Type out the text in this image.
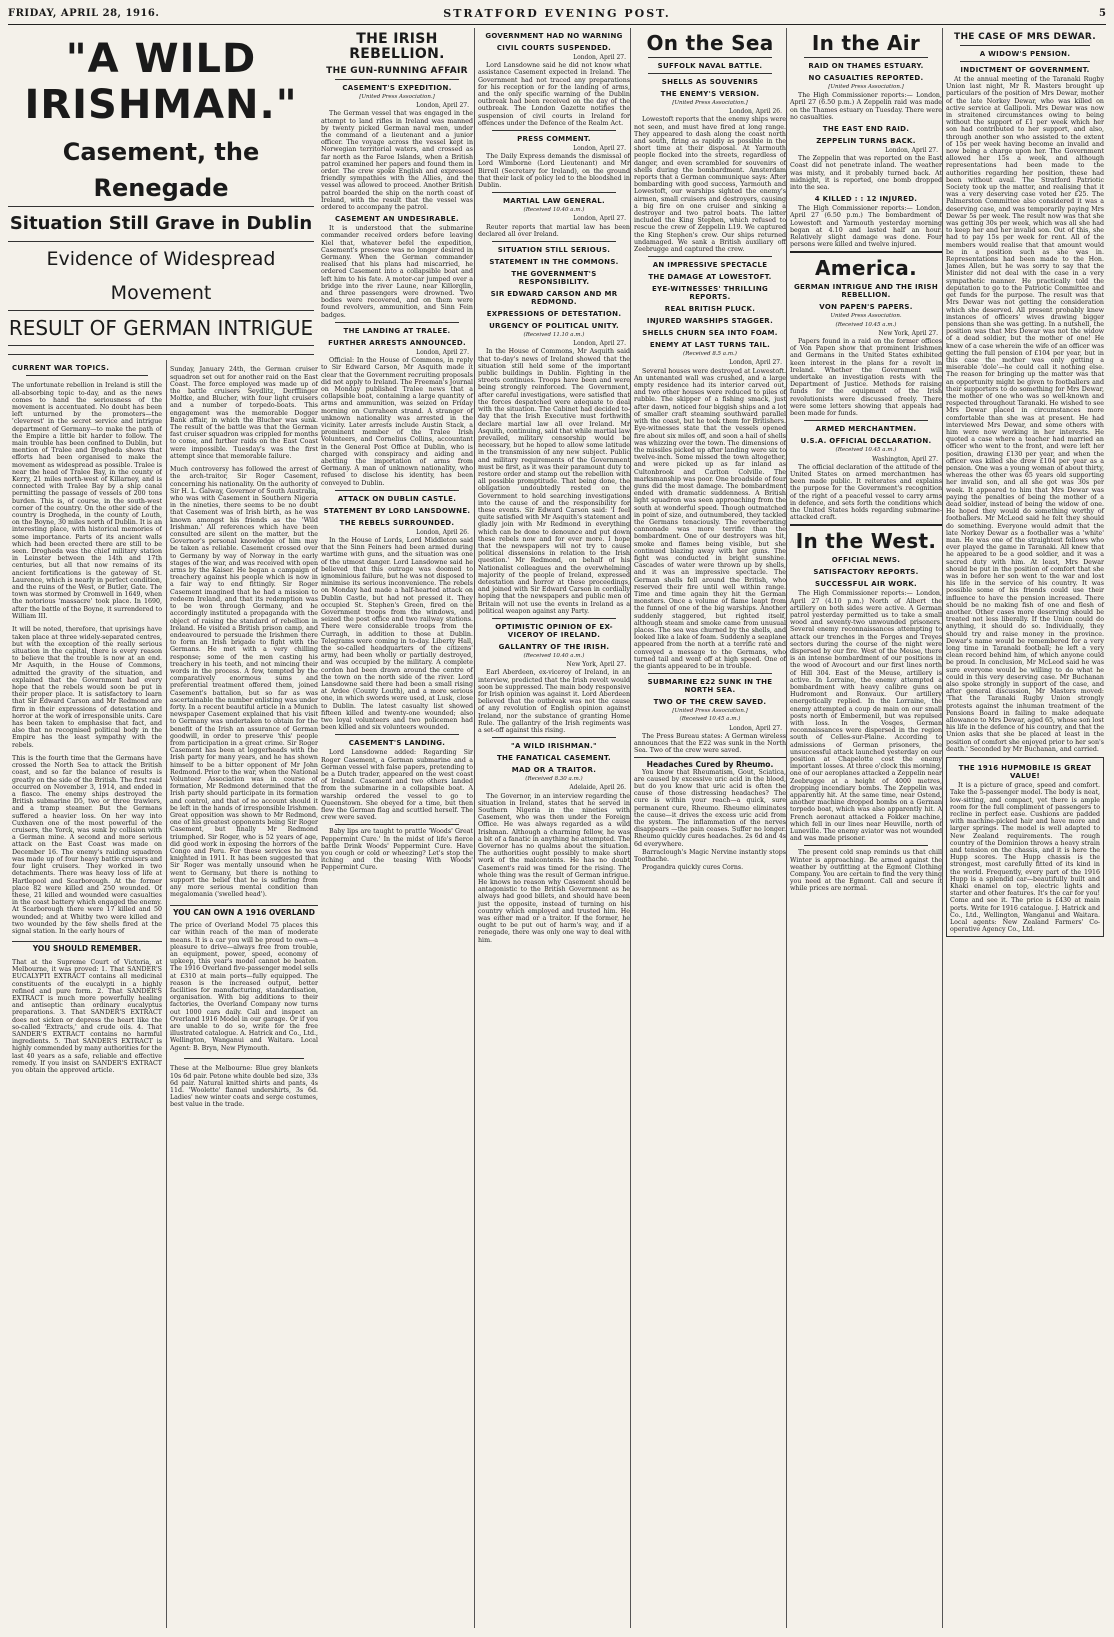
FRIDAY, APRIL 28, 1916.	STRATFORD EVENING POST.	5
"A WILD IRISHMAN."
Casement, the Renegade
Situation Still Grave in Dublin
Evidence of Widespread Movement
RESULT OF GERMAN INTRIGUE
CURRENT WAR TOPICS.

The unfortunate rebellion in Ireland is still the all-absorbing topic to-day, and as the news comes to hand the seriousness of the movement is accentuated. No doubt has been left unturned by the promoters—the 'cleverest' in the secret service and intrigue department of Germany—to make the path of the Empire a little bit harder to follow. The main trouble has been confined to Dublin, but mention of Tralee and Drogheda shows that efforts had been organised to make the movement as widespread as possible. Tralee is near the head of Tralee Bay, in the county of Kerry, 21 miles north-west of Killarney, and is connected with Tralee Bay by a ship canal permitting the passage of vessels of 200 tons burden. This is, of course, in the south-west corner of the country. On the other side of the country is Drogheda, in the county of Louth, on the Boyne, 30 miles north of Dublin. It is an interesting place, with historical memories of some importance. Parts of its ancient walls which had been erected there are still to be seen. Drogheda was the chief military station in Leinster between the 14th and 17th centuries, but all that now remains of its ancient fortifications is the gateway of St. Laurence, which is nearly in perfect condition, and the ruins of the West, or Butler, Gate. The town was stormed by Cromwell in 1649, when the notorious 'massacre' took place. In 1690, after the battle of the Boyne, it surrendered to William III.

It will be noted, therefore, that uprisings have taken place at three widely-separated centres, but with the exception of the really serious situation in the capital, there is every reason to believe that the trouble is now at an end. Mr Asquith, in the House of Commons, admitted the gravity of the situation, and explained that the Government had every hope that the rebels would soon be put in their proper place. It is satisfactory to learn that Sir Edward Carson and Mr Redmond are firm in their expressions of detestation and horror at the work of irresponsible units. Care has been taken to emphasise that fact, and also that no recognised political body in the Empire has the least sympathy with the rebels.

This is the fourth time that the Germans have crossed the North Sea to attack the British coast, and so far the balance of results is greatly on the side of the British. The first raid occurred on November 3, 1914, and ended in a fiasco. The enemy ships destroyed the British submarine D5, two or three trawlers, and a tramp steamer. But the Germans suffered a heavier loss. On her way into Cuxhaven one of the most powerful of the cruisers, the Yorck, was sunk by collision with a German mine. A second and more serious attack on the East Coast was made on December 16. The enemy's raiding squadron was made up of four heavy battle cruisers and four light cruisers. They worked in two detachments. There was heavy loss of life at Hartlepool and Scarborough. At the former place 82 were killed and 250 wounded. Of these, 21 killed and wounded were casualties in the coast battery which engaged the enemy. At Scarborough there were 17 killed and 50 wounded; and at Whitby two were killed and two wounded by the few shells fired at the signal station. In the early hours of

YOU SHOULD REMEMBER.

That at the Supreme Court of Victoria, at Melbourne, it was proved: 1. That SANDER'S EUCALYPTI EXTRACT contains all medicinal constituents of the eucalypti in a highly refined and pure form. 2. That SANDER'S EXTRACT is much more powerfully healing and antiseptic than ordinary eucalyptus preparations. 3. That SANDER'S EXTRACT does not sicken or depress the heart like the so-called 'Extracts,' and crude oils. 4. That SANDER'S EXTRACT contains no harmful ingredients. 5. That SANDER'S EXTRACT is highly commended by many authorities for the last 40 years as a safe, reliable and effective remedy. If you insist on SANDER'S EXTRACT you obtain the approved article.

Sunday, January 24th, the German cruiser squadron set out for another raid on the East Coast. The force employed was made up of the battle cruisers Seydlitz, Derfflinger Moltke, and Blucher, with four light cruisers and a number of torpedo-boats. This engagement was the memorable Dogger Bank affair, in which the Blucher was sunk. The result of the battle was that the German fast cruiser squadron was crippled for months to come, and further raids on the East Coast were impossible. Tuesday's was the first attempt since that memorable failure.

Much controversy has followed the arrest of the arch-traitor, Sir Roger Casement, concerning his nationality. On the authority of Sir H. L. Galway, Governor of South Australia, who was with Casement in Southern Nigeria in the nineties, there seems to be no doubt that Casement was of Irish birth, as he was known amongst his friends as the 'Wild Irishman.' All references which have been consulted are silent on the matter, but the Governor's personal knowledge of him may be taken as reliable. Casement crossed over to Germany by way of Norway in the early stages of the war, and was received with open arms by the Kaiser. He began a campaign of treachery against his people which is now in a fair way to end fittingly. Sir Roger Casement imagined that he had a mission to redeem Ireland, and that its redemption was to be won through Germany, and he accordingly instituted a propaganda with the object of raising the standard of rebellion in Ireland. He visited a British prison camp, and endeavoured to persuade the Irishmen there to form an Irish brigade to fight with the Germans. He met with a very chilling response; some of the men casting his treachery in his teeth, and not mincing their words in the process. A few, tempted by the comparatively enormous sums and preferential treatment offered them, joined Casement's battalion, but so far as was ascertainable the number enlisting was under forty. In a recent beautiful article in a Munich newspaper Casement explained that his visit to Germany was undertaken to obtain for the benefit of the Irish an assurance of German goodwill, in order to preserve 'this' people from participation in a great crime. Sir Roger Casement has been at loggerheads with the Irish party for many years, and he has shown himself to be a bitter opponent of Mr John Redmond. Prior to the war, when the National Volunteer Association was in course of formation, Mr Redmond determined that the Irish party should participate in its formation and control, and that of no account should it be left in the hands of irresponsible Irishmen. Great opposition was shown to Mr Redmond, one of his greatest opponents being Sir Roger Casement, but finally Mr Redmond triumphed. Sir Roger, who is 52 years of age, did good work in exposing the horrors of the Congo and Peru. For these services he was knighted in 1911. It has been suggested that Sir Roger was mentally unsound when he went to Germany, but there is nothing to support the belief that he is suffering from any more serious mental condition than megalomania ('swelled head').

YOU CAN OWN A 1916 OVERLAND

The price of Overland Model 75 places this car within reach of the man of moderate means. It is a car you will be proud to own—a pleasure to drive—always free from trouble, an equipment, power, speed, economy of upkeep, this year's model cannot be beaten. The 1916 Overland five-passenger model sells at £310 at main ports—fully equipped. The reason is the increased output, better facilities for manufacturing, standardisation, organisation. With big additions to their factories, the Overland Company now turns out 1000 cars daily. Call and inspect an Overland 1916 Model in our garage. Or if you are unable to do so, write for the free illustrated catalogue. A. Hatrick and Co., Ltd., Wellington, Wanganui and Waitara. Local Agent: B. Bryn, New Plymouth.

These at the Melbourne: Blue grey blankets 10s 6d pair. Petone white double bed size, 33s 6d pair. Natural knitted shirts and pants, 4s 11d. 'Woolette' flannel undershirts, 3s 6d. Ladies' new winter coats and serge costumes, best value in the trade.

THE IRISH REBELLION.
THE GUN-RUNNING AFFAIR
CASEMENT'S EXPEDITION.
[United Press Association.]
London, April 27.

The German vessel that was engaged in the attempt to land rifles in Ireland was manned by twenty picked German naval men, under the command of a lieutenant and a junior officer. The voyage across the vessel kept in Norwegian territorial waters, and crossed as far north as the Faroe Islands, when a British patrol examined her papers and found them in order. The crew spoke English and expressed friendly sympathies with the Allies, and the vessel was allowed to proceed. Another British patrol boarded the ship on the north coast of Ireland, with the result that the vessel was ordered to accompany the patrol.

CASEMENT AN UNDESIRABLE.

It is understood that the submarine commander received orders before leaving Kiel that, whatever befel the expedition, Casement's presence was no longer desired in Germany. When the German commander realised that his plans had miscarried, he ordered Casement into a collapsible boat and left him to his fate. A motor-car jumped over a bridge into the river Laune, near Killorglin, and three passengers were drowned. Two bodies were recovered, and on them were found revolvers, ammunition, and Sinn Fein badges.

THE LANDING AT TRALEE.
FURTHER ARRESTS ANNOUNCED.
London, April 27.

Official: In the House of Commons, in reply to Sir Edward Carson, Mr Asquith made it clear that the Government recruiting proposals did not apply to Ireland. The Freeman's Journal on Monday published Tralee news that a collapsible boat, containing a large quantity of arms and ammunition, was seized on Friday morning on Curraheen strand. A stranger of unknown nationality was arrested in the vicinity. Later arrests include Austin Stack, a prominent member of the Tralee Irish Volunteers, and Cornelius Collins, accountant in the General Post Office at Dublin, who is charged with conspiracy and aiding and abetting the importation of arms from Germany. A man of unknown nationality, who refused to disclose his identity, has been conveyed to Dublin.

ATTACK ON DUBLIN CASTLE.
STATEMENT BY LORD LANSDOWNE.
THE REBELS SURROUNDED.
London, April 26.

In the House of Lords, Lord Middleton said that the Sinn Feiners had been armed during wartime with guns, and the situation was one of the utmost danger. Lord Lansdowne said he believed that this outrage was doomed to ignominious failure, but he was not disposed to minimise its serious inconvenience. The rebels on Monday had made a half-hearted attack on Dublin Castle, but had not pressed it. They occupied St. Stephen's Green, fired on the Government troops from the windows, and seized the post office and two railway stations. There were considerable troops from the Curragh, in addition to those at Dublin. Telegrams were coming in to-day. Liberty Hall, the so-called headquarters of the citizens' army, had been wholly or partially destroyed, and was occupied by the military. A complete cordon had been drawn around the centre of the town on the north side of the river. Lord Lansdowne said there had been a small rising at Ardee (County Louth), and a more serious one, in which swords were used, at Lusk, close to Dublin. The latest casualty list showed fifteen killed and twenty-one wounded; also two loyal volunteers and two policemen had been killed and six volunteers wounded.

CASEMENT'S LANDING.

Lord Lansdowne added: Regarding Sir Roger Casement, a German submarine and a German vessel with false papers, pretending to be a Dutch trader, appeared on the west coast of Ireland. Casement and two others landed from the submarine in a collapsible boat. A warship ordered the vessel to go to Queenstown. She obeyed for a time, but then flew the German flag and scuttled herself. The crew were saved.

Baby lips are taught to prattle 'Woods' Great Peppermint Cure.' In the midst of life's fierce battle Drink Woods' Peppermint Cure. Have you cough or cold or wheezing? Let's stop the itching and the teasing With Woods' Peppermint Cure.

GOVERNMENT HAD NO WARNING
CIVIL COURTS SUSPENDED.
London, April 27.

Lord Lansdowne said he did not know what assistance Casement expected in Ireland. The Government had not traced any preparations for his reception or for the landing of arms, and the only specific warning of the Dublin outbreak had been received on the day of the outbreak. The London Gazette notifies the suspension of civil courts in Ireland for offences under the Defence of the Realm Act.

PRESS COMMENT.
London, April 27.

The Daily Express demands the dismissal of Lord Wimborne (Lord Lieutenant) and Mr Birrell (Secretary for Ireland), on the ground that their lack of policy led to the bloodshed in Dublin.

MARTIAL LAW GENERAL.
(Received 10.40 a.m.)
London, April 27.

Reuter reports that martial law has been declared all over Ireland.

SITUATION STILL SERIOUS.
STATEMENT IN THE COMMONS.
THE GOVERNMENT'S RESPONSIBILITY.
SIR EDWARD CARSON AND MR REDMOND.
EXPRESSIONS OF DETESTATION.
URGENCY OF POLITICAL UNITY.
(Received 11.10 a.m.)
London, April 27.

In the House of Commons, Mr Asquith said that to-day's news of Ireland showed that the situation still held some of the important public buildings in Dublin. Fighting in the streets continues. Troops have been and were being strongly reinforced. The Government, after careful investigations, were satisfied that the forces despatched were adequate to deal with the situation. The Cabinet had decided to-day that the Irish Executive must forthwith declare martial law all over Ireland. Mr Asquith, continuing, said that while martial law prevailed, military censorship would be necessary, but he hoped to allow some latitude in the transmission of any new subject. Public and military requirements of the Government must be first, as it was their paramount duty to restore order and stamp out the rebellion with all possible promptitude. That being done, the obligation undoubtedly rested on the Government to hold searching investigations into the cause of and the responsibility for these events. Sir Edward Carson said: 'I feel quite satisfied with Mr Asquith's statement and gladly join with Mr Redmond in everything which can be done to denounce and put down these rebels now and for ever more. I hope that the newspapers will not try to cause political dissensions in relation to the Irish question.' Mr Redmond, on behalf of his Nationalist colleagues and the overwhelming majority of the people of Ireland, expressed detestation and horror at these proceedings, and joined with Sir Edward Carson in cordially hoping that the newspapers and public men of Britain will not use the events in Ireland as a political weapon against any Party.

OPTIMISTIC OPINION OF EX-VICEROY OF IRELAND.
GALLANTRY OF THE IRISH.
(Received 10.40 a.m.)
New York, April 27.

Earl Aberdeen, ex-viceroy of Ireland, in an interview, predicted that the Irish revolt would soon be suppressed. The main body responsive for Irish opinion was against it. Lord Aberdeen believed that the outbreak was not the cause of any revolution of English opinion against Ireland, nor the substance of granting Home Rule. The gallantry of the Irish regiments was a set-off against this rising.

"A WILD IRISHMAN."
THE FANATICAL CASEMENT.
MAD OR A TRAITOR.
(Received 8.30 a.m.)
Adelaide, April 26.

The Governor, in an interview regarding the situation in Ireland, states that he served in Southern Nigeria in the nineties with Casement, who was then under the Foreign Office. He was always regarded as a wild Irishman. Although a charming fellow, he was a bit of a fanatic in anything he attempted. The Governor has no qualms about the situation. The authorities ought possibly to make short work of the malcontents. He has no doubt Casement's raid was timed for the rising. The whole thing was the result of German intrigue. He knows no reason why Casement should be antagonistic to the British Government as he always had good billets, and should have been just the opposite, instead of turning on his country which employed and trusted him. He was either mad or a traitor. If the former, he ought to be put out of harm's way, and if a renegade, there was only one way to deal with him.

On the Sea
SUFFOLK NAVAL BATTLE.
SHELLS AS SOUVENIRS
THE ENEMY'S VERSION.
[United Press Association.]
London, April 26.

Lowestoft reports that the enemy ships were not seen, and must have fired at long range. They appeared to dash along the coast north and south, firing as rapidly as possible in the short time at their disposal. At Yarmouth people flocked into the streets, regardless of danger, and even scrambled for souvenirs of shells during the bombardment. Amsterdam reports that a German communique says: After bombarding with good success, Yarmouth and Lowestoft, our warships sighted the enemy's airmen, small cruisers and destroyers, causing a big fire on one cruiser and sinking a destroyer and two patrol boats. The latter included the King Stephen, which refused to rescue the crew of Zeppelin L19. We captured the King Stephen's crew. Our ships returned undamaged. We sank a British auxiliary off Zeebrugge and captured the crew.

AN IMPRESSIVE SPECTACLE
THE DAMAGE AT LOWESTOFT.
EYE-WITNESSES' THRILLING REPORTS.
REAL BRITISH PLUCK.
INJURED WARSHIPS STAGGER.
SHELLS CHURN SEA INTO FOAM.
ENEMY AT LAST TURNS TAIL.
(Received 8.5 a.m.)
London, April 27.

Several houses were destroyed at Lowestoft. An untenanted wall was crushed, and a large empty residence had its interior carved out, and two other houses were reduced to piles of rubble. The skipper of a fishing smack, just after dawn, noticed four biggish ships and a lot of smaller craft steaming southward parallel with the coast, but he took them for Britishers. Eye-witnesses state that the vessels opened fire about six miles off, and soon a hail of shells was whizzing over the town. The dimensions of the missiles picked up after landing were six to twelve-inch. Some missed the town altogether, and were picked up as far inland as Cultonbrook and Carlton Colville. The marksmanship was poor. One broadside of four guns did the most damage. The bombardment ended with dramatic suddenness. A British light squadron was seen approaching from the south at wonderful speed. Though outmatched in point of size, and outnumbered, they tackled the Germans tenaciously. The reverberating cannonade was more terrific than the bombardment. One of our destroyers was hit, smoke and flames being visible, but she continued blazing away with her guns. The fight was conducted in bright sunshine. Cascades of water were thrown up by shells, and it was an impressive spectacle. The German shells fell around the British, who reserved their fire until well within range. Time and time again they hit the German monsters. Once a volume of flame leapt from the funnel of one of the big warships. Another suddenly staggered, but righted itself, although steam and smoke came from unusual places. The sea was churned by the shells, and looked like a lake of foam. Suddenly a seaplane appeared from the north at a terrific rate and conveyed a message to the Germans, who turned tail and went off at high speed. One of the giants appeared to be in trouble.

SUBMARINE E22 SUNK IN THE NORTH SEA.
TWO OF THE CREW SAVED.
[United Press Association.]
(Received 10.45 a.m.)
London, April 27.

The Press Bureau states: A German wireless announces that the E22 was sunk in the North Sea. Two of the crew were saved.

Headaches Cured by Rheumo.

You know that Rheumatism, Gout, Sciatica, are caused by excessive uric acid in the blood, but do you know that uric acid is often the cause of those distressing headaches? The cure is within your reach—a quick, sure permanent cure, Rheumo. Rheumo eliminates the cause—it drives the excess uric acid from the system. The inflammation of the nerves disappears —the pain ceases. Suffer no longer. Rheumo quickly cures headaches. 2s 6d and 4s 6d everywhere.

Barraclough's Magic Nervine instantly stops Toothache.

Progandra quickly cures Corns.

In the Air
RAID ON THAMES ESTUARY.
NO CASUALTIES REPORTED.
[United Press Association.]

The High Commissioner reports:— London, April 27 (6.50 p.m.) A Zeppelin raid was made on the Thames estuary on Tuesday. There were no casualties.

THE EAST END RAID.
ZEPPELIN TURNS BACK.
London, April 27.

The Zeppelin that was reported on the East Coast did not penetrate inland. The weather was misty, and it probably turned back. At midnight, it is reported, one bomb dropped into the sea.

4 KILLED : : 12 INJURED.

The High Commissioner reports:— London, April 27 (6.50 p.m.) The bombardment of Lowestoft and Yarmouth yesterday morning began at 4.10 and lasted half an hour. Relatively slight damage was done. Four persons were killed and twelve injured.

America.
GERMAN INTRIGUE AND THE IRISH REBELLION.
VON PAPEN'S PAPERS.
United Press Association.
(Received 10.45 a.m.)
New York, April 27.

Papers found in a raid on the former offices of Von Papen show that prominent Irishmen and Germans in the United States exhibited keen interest in the plans for a revolt in Ireland. Whether the Government will undertake an investigation rests with the Department of Justice. Methods for raising funds for the equipment of the Irish revolutionists were discussed freely. There were some letters showing that appeals had been made for funds.

ARMED MERCHANTMEN.
U.S.A. OFFICIAL DECLARATION.
(Received 10.45 a.m.)
Washington, April 27.

The official declaration of the attitude of the United States on armed merchantmen has been made public. It reiterates and explains the purpose for the Government's recognition of the right of a peaceful vessel to carry arms in defence, and sets forth the conditions which the United States holds regarding submarine-attacked craft.

In the West.
OFFICIAL NEWS.
SATISFACTORY REPORTS.
SUCCESSFUL AIR WORK.

The High Commissioner reports:— London, April 27 (4.10 p.m.) North of Albert the artillery on both sides were active. A German patrol yesterday permitted us to take a small wood and seventy-two unwounded prisoners. Several enemy reconnaissances attempting to attack our trenches in the Forges and Treyes sectors during the course of the night were dispersed by our fire. West of the Meuse, there is an intense bombardment of our positions in the wood of Avocourt and our first lines north of Hill 304. East of the Meuse, artillery is active. In Lorraine, the enemy attempted a bombardment with heavy calibre guns on Hudromont and Ronvaux. Our artillery energetically replied. In the Lorraine, the enemy attempted a coup de main on our small posts north of Embermenil, but was repulsed with loss. In the Vosges, German reconnaissances were dispersed in the region south of Celles-sur-Plaine. According to admissions of German prisoners, the unsuccessful attack launched yesterday on our position at Chapelotte cost the enemy important losses. At three o'clock this morning, one of our aeroplanes attacked a Zeppelin near Zeebrugge at a height of 4000 metres, dropping incendiary bombs. The Zeppelin was apparently hit. At the same time, near Ostend, another machine dropped bombs on a German torpedo boat, which was also apparently hit. A French aeronaut attacked a Fokker machine, which fell in our lines near Heuville, north of Luneville. The enemy aviator was not wounded and was made prisoner.

The present cold snap reminds us that chill Winter is approaching. Be armed against the weather by outfitting at the Egmont Clothing Company. You are certain to find the very thing you need at the Egmont. Call and secure it while prices are normal.

THE CASE OF MRS DEWAR.
A WIDOW'S PENSION.
INDICTMENT OF GOVERNMENT.

At the annual meeting of the Taranaki Rugby Union last night, Mr R. Masters brought up particulars of the position of Mrs Dewar, mother of the late Norkey Dewar, who was killed on active service at Gallipoli. Mrs Dewar was now in straitened circumstances owing to being without the support of £1 per week which her son had contributed to her support, and also, through another son who assisted to the extent of 15s per week having become an invalid and now being a charge upon her. The Government allowed her 15s a week, and although representations had been made to the authorities regarding her position, these had been without avail. The Stratford Patriotic Society took up the matter, and realising that it was a very deserving case voted her £25. The Palmerston Committee also considered it was a deserving case, and was temporarily paying Mrs Dewar 5s per week. The result now was that she was getting 30s per week, which was all she had to keep her and her invalid son. Out of this, she had to pay 15s per week for rent. All of the members would realise that that amount would be in a position such as she was in. Representations had been made to the Hon. James Allen, but he was sorry to say that the Minister did not deal with the case in a very sympathetic manner. He practically told the deputation to go to the Patriotic Committee and get funds for the purpose. The result was that Mrs Dewar was not getting the consideration which she deserved. All present probably knew instances of officers' wives drawing bigger pensions than she was getting. In a nutshell, the position was that Mrs Dewar was not the widow of a dead soldier, but the mother of one! He knew of a case wherein the wife of an officer was getting the full pension of £104 per year, but in this case the mother was only getting a miserable 'dole'—he could call it nothing else. The reason for bringing up the matter was that an opportunity might be given to footballers and their supporters to do something for Mrs Dewar, the mother of one who was so well-known and respected throughout Taranaki. He wished to see Mrs Dewar placed in circumstances more comfortable than she was at present. He had interviewed Mrs Dewar, and some others with him were now working in her interests. He quoted a case where a teacher had married an officer who went to the front, and were left her position, drawing £130 per year, and when the officer was killed she drew £104 per year as a pension. One was a young woman of about thirty, whereas the other was 65 years old supporting her invalid son, and all she got was 30s per week. It appeared to him that Mrs Dewar was paying the penalties of being the mother of a dead soldier, instead of being the widow of one. He hoped they would do something worthy of footballers. Mr McLeod said he felt they should do something. Everyone would admit that the late Norkey Dewar as a footballer was a 'white' man. He was one of the straightest fellows who ever played the game in Taranaki. All knew that he appeared to be a good soldier, and it was a sacred duty with him. At least, Mrs Dewar should be put in the position of comfort that she was in before her son went to the war and lost his life in the service of his country. It was possible some of his friends could use their influence to have the pension increased. There should be no making fish of one and flesh of another. Other cases more deserving should be treated not less liberally. If the Union could do anything, it should do so. Individually, they should try and raise money in the province. Dewar's name would be remembered for a very long time in Taranaki football; he left a very clean record behind him, of which anyone could be proud. In conclusion, Mr McLeod said he was sure everyone would be willing to do what he could in this very deserving case. Mr Buchanan also spoke strongly in support of the case, and after general discussion, Mr Masters moved: 'That the Taranaki Rugby Union strongly protests against the inhuman treatment of the Pensions Board in failing to make adequate allowance to Mrs Dewar, aged 65, whose son lost his life in the defence of his country, and that the Union asks that she be placed at least in the position of comfort she enjoyed prior to her son's death.' Seconded by Mr Buchanan, and carried.

THE 1916 HUPMOBILE IS GREAT VALUE!

It is a picture of grace, speed and comfort. Take the 5-passenger model. The body is neat, low-sitting, and compact, yet there is ample room for the full compliment of passengers to recline in perfect ease. Cushions are padded with machine-picked hair and have more and larger springs. The model is well adapted to New Zealand requirements. The rough country of the Dominion throws a heavy strain and tension on the chassis, and it is here the Hupp scores. The Hupp chassis is the strongest, most carefully fitted of its kind in the world. Frequently, every part of the 1916 Hupp is a splendid car—beautifully built and Khaki enamel on top, electric lights and starter and other features. It's the car for you! Come and see it. The price is £430 at main ports. Write for 1916 catalogue. J. Hatrick and Co., Ltd., Wellington, Wanganui and Waitara. Local agents: New Zealand Farmers' Co-operative Agency Co., Ltd.
